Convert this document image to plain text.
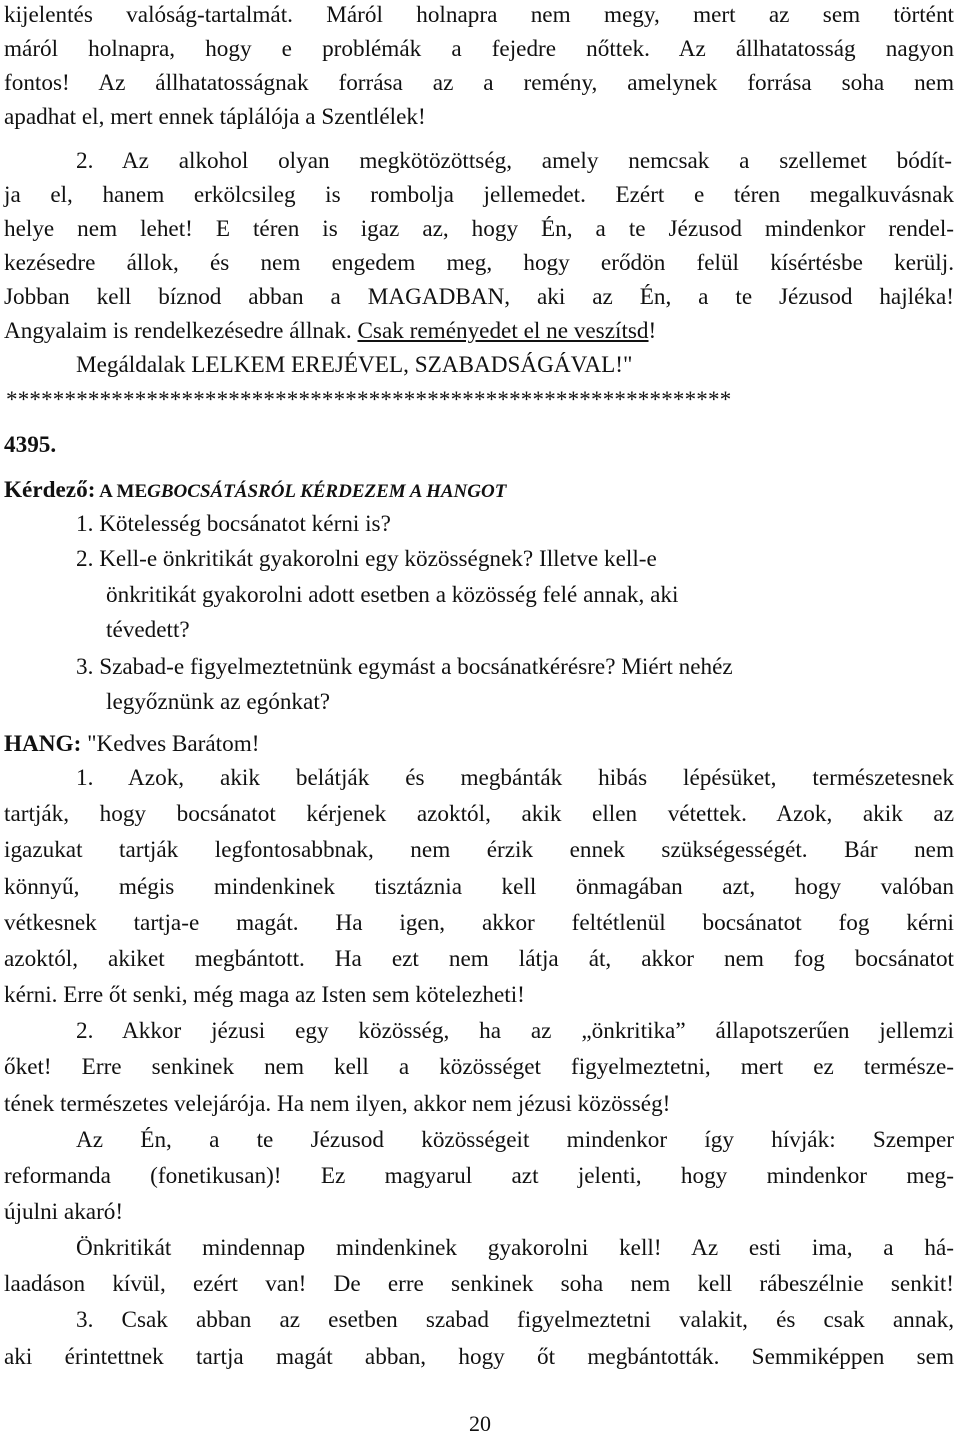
kijelentés valóság-tartalmát. Máról holnapra nem megy, mert az sem történt
máról holnapra, hogy e problémák a fejedre nőttek. Az állhatatosság nagyon
fontos! Az állhatatosságnak forrása az a remény, amelynek forrása soha nem
apadhat el, mert ennek táplálója a Szentlélek!
2. Az alkohol olyan megkötözöttség, amely nemcsak a szellemet bódít-
ja el, hanem erkölcsileg is rombolja jellemedet. Ezért e téren megalkuvásnak
helye nem lehet! E téren is igaz az, hogy Én, a te Jézusod mindenkor rendel-
kezésedre állok, és nem engedem meg, hogy erődön felül kísértésbe kerülj.
Jobban kell bíznod abban a MAGADBAN, aki az Én, a te Jézusod hajléka!
Angyalaim is rendelkezésedre állnak. Csak reményedet el ne veszítsd!
Megáldalak LELKEM EREJÉVEL, SZABADSÁGÁVAL!"
**************************************************************
4395.
Kérdező: A MEGBOCSÁTÁSRÓL KÉRDEZEM A HANGOT
1. Kötelesség bocsánatot kérni is?
2. Kell-e önkritikát gyakorolni egy közösségnek? Illetve kell-e
önkritikát gyakorolni adott esetben a közösség felé annak, aki
tévedett?
3. Szabad-e figyelmeztetnünk egymást a bocsánatkérésre? Miért nehéz
legyőznünk az egónkat?
HANG: "Kedves Barátom!
1. Azok, akik belátják és megbánták hibás lépésüket, természetesnek
tartják, hogy bocsánatot kérjenek azoktól, akik ellen vétettek. Azok, akik az
igazukat tartják legfontosabbnak, nem érzik ennek szükségességét. Bár nem
könnyű, mégis mindenkinek tisztáznia kell önmagában azt, hogy valóban
vétkesnek tartja-e magát. Ha igen, akkor feltétlenül bocsánatot fog kérni
azoktól, akiket megbántott. Ha ezt nem látja át, akkor nem fog bocsánatot
kérni. Erre őt senki, még maga az Isten sem kötelezheti!
2. Akkor jézusi egy közösség, ha az „önkritika” állapotszerűen jellemzi
őket! Erre senkinek nem kell a közösséget figyelmeztetni, mert ez természe-
tének természetes velejárója. Ha nem ilyen, akkor nem jézusi közösség!
Az Én, a te Jézusod közösségeit mindenkor így hívják: Szemper
reformanda (fonetikusan)! Ez magyarul azt jelenti, hogy mindenkor meg-
újulni akaró!
Önkritikát mindennap mindenkinek gyakorolni kell! Az esti ima, a há-
laadáson kívül, ezért van! De erre senkinek soha nem kell rábeszélnie senkit!
3. Csak abban az esetben szabad figyelmeztetni valakit, és csak annak,
aki érintettnek tartja magát abban, hogy őt megbántották. Semmiképpen sem
20
